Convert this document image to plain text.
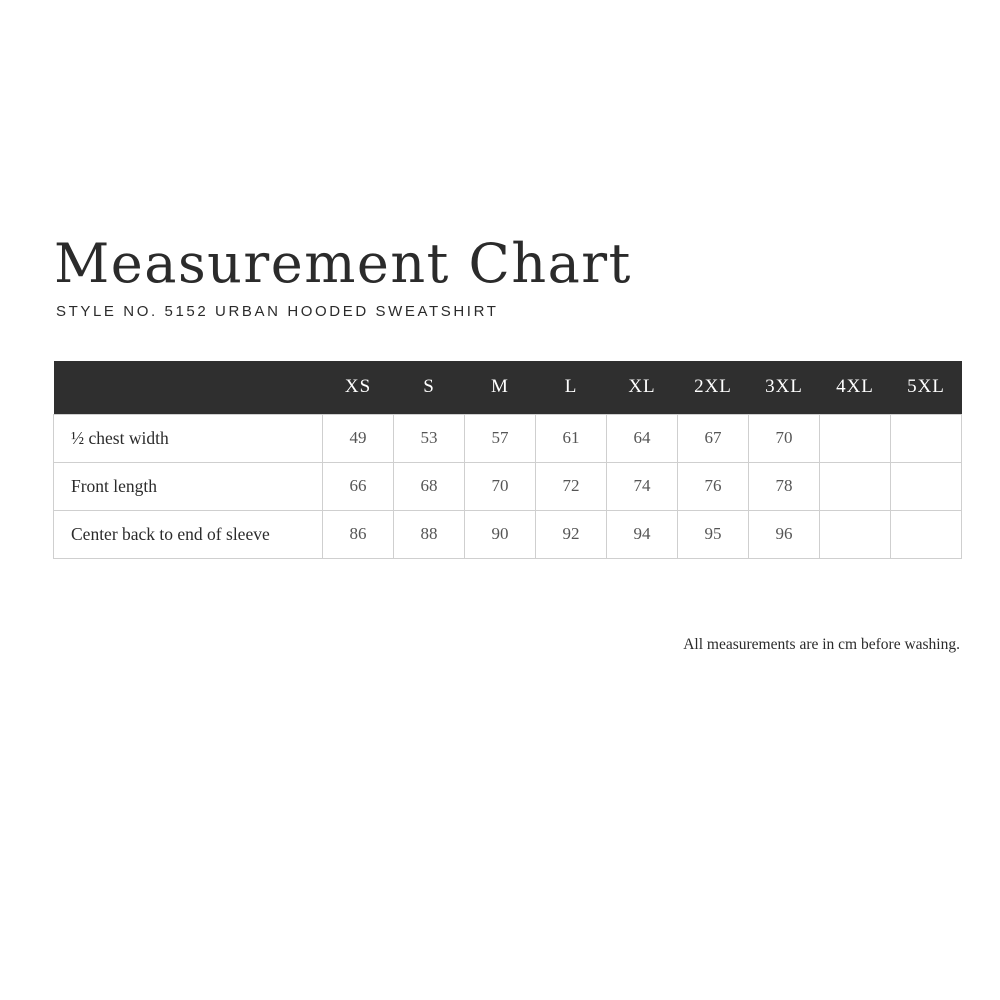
Measurement Chart

STYLE NO. 5152 URBAN HOODED SWEATSHIRT

	XS	S	M	L	XL	2XL	3XL	4XL	5XL
½ chest width	49	53	57	61	64	67	70		
Front length	66	68	70	72	74	76	78		
Center back to end of sleeve	86	88	90	92	94	95	96		

All measurements are in cm before washing.
